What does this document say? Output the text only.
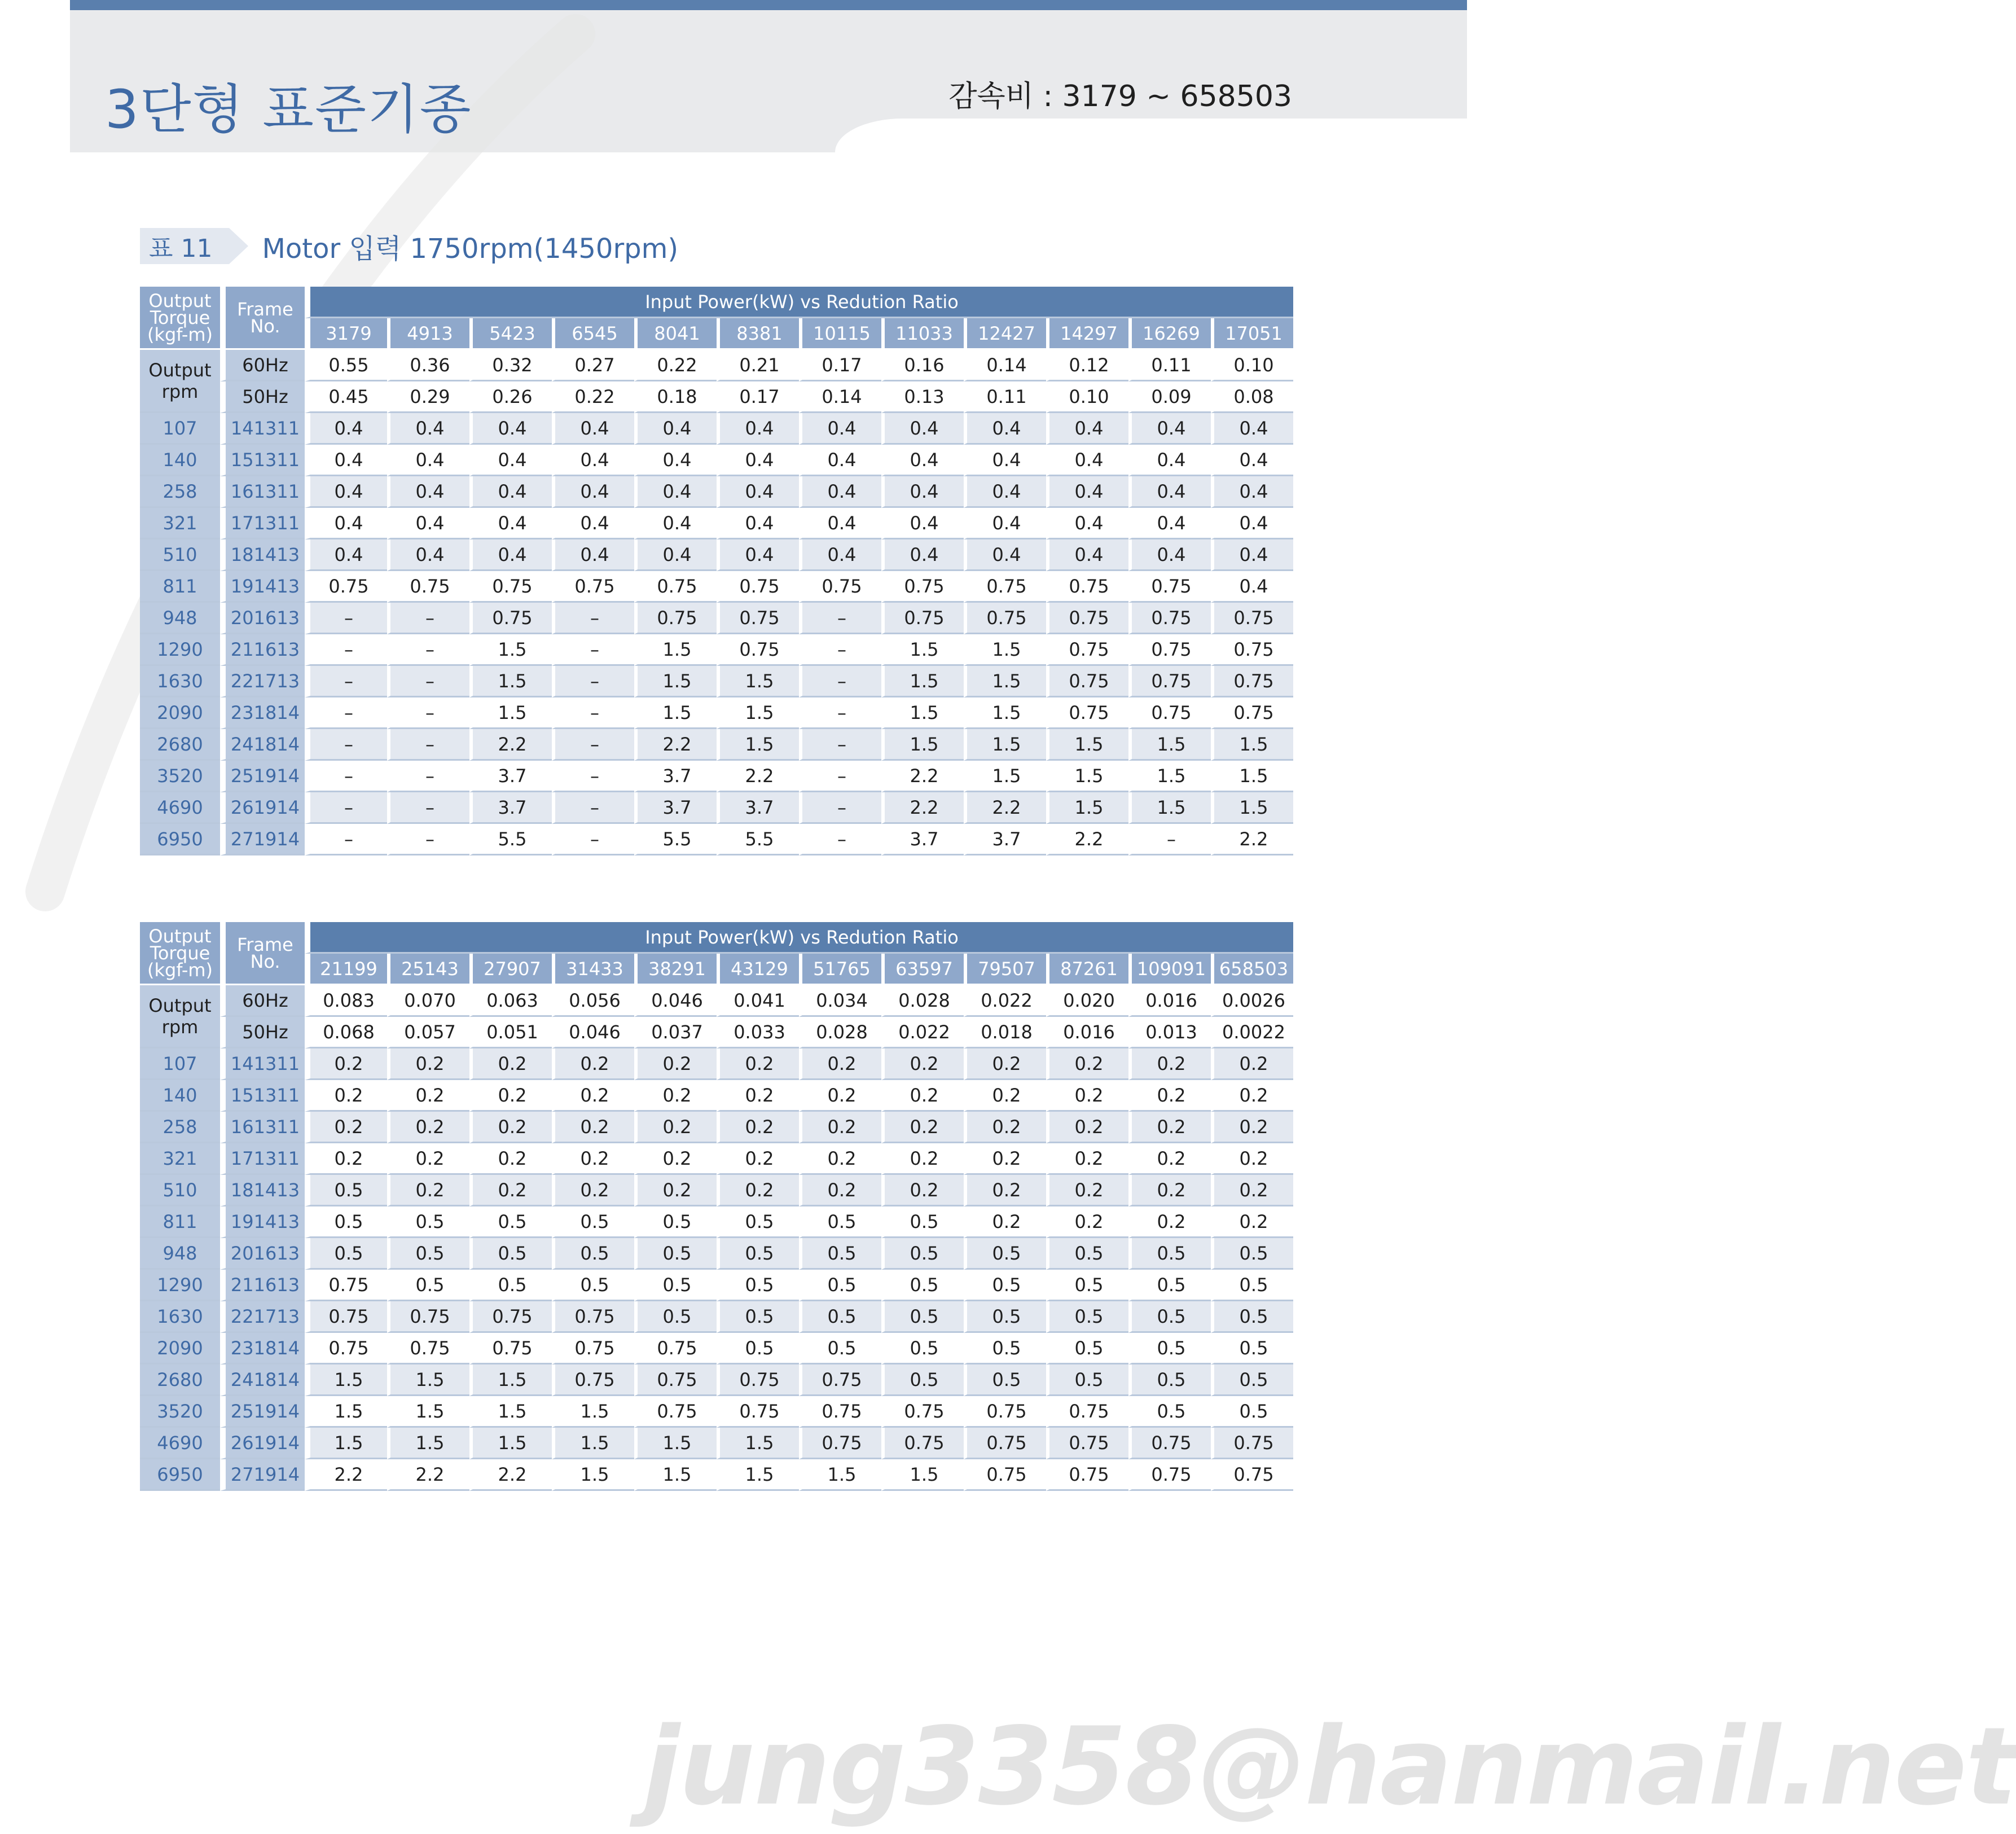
3단형 표준기종	감속비 : 3179 ~ 658503
표 11	Motor 입력 1750rpm(1450rpm)
Output Torque (kgf-m)	Frame No.	Input Power(kW) vs Redution Ratio											
		3179	4913	5423	6545	8041	8381	10115	11033	12427	14297	16269	17051
Output rpm	60Hz	0.55	0.36	0.32	0.27	0.22	0.21	0.17	0.16	0.14	0.12	0.11	0.10
	50Hz	0.45	0.29	0.26	0.22	0.18	0.17	0.14	0.13	0.11	0.10	0.09	0.08
107	141311	0.4	0.4	0.4	0.4	0.4	0.4	0.4	0.4	0.4	0.4	0.4	0.4
140	151311	0.4	0.4	0.4	0.4	0.4	0.4	0.4	0.4	0.4	0.4	0.4	0.4
258	161311	0.4	0.4	0.4	0.4	0.4	0.4	0.4	0.4	0.4	0.4	0.4	0.4
321	171311	0.4	0.4	0.4	0.4	0.4	0.4	0.4	0.4	0.4	0.4	0.4	0.4
510	181413	0.4	0.4	0.4	0.4	0.4	0.4	0.4	0.4	0.4	0.4	0.4	0.4
811	191413	0.75	0.75	0.75	0.75	0.75	0.75	0.75	0.75	0.75	0.75	0.75	0.4
948	201613	–	–	0.75	–	0.75	0.75	–	0.75	0.75	0.75	0.75	0.75
1290	211613	–	–	1.5	–	1.5	0.75	–	1.5	1.5	0.75	0.75	0.75
1630	221713	–	–	1.5	–	1.5	1.5	–	1.5	1.5	0.75	0.75	0.75
2090	231814	–	–	1.5	–	1.5	1.5	–	1.5	1.5	0.75	0.75	0.75
2680	241814	–	–	2.2	–	2.2	1.5	–	1.5	1.5	1.5	1.5	1.5
3520	251914	–	–	3.7	–	3.7	2.2	–	2.2	1.5	1.5	1.5	1.5
4690	261914	–	–	3.7	–	3.7	3.7	–	2.2	2.2	1.5	1.5	1.5
6950	271914	–	–	5.5	–	5.5	5.5	–	3.7	3.7	2.2	–	2.2
Output Torque (kgf-m)	Frame No.	Input Power(kW) vs Redution Ratio											
		21199	25143	27907	31433	38291	43129	51765	63597	79507	87261	109091	658503
Output rpm	60Hz	0.083	0.070	0.063	0.056	0.046	0.041	0.034	0.028	0.022	0.020	0.016	0.0026
	50Hz	0.068	0.057	0.051	0.046	0.037	0.033	0.028	0.022	0.018	0.016	0.013	0.0022
107	141311	0.2	0.2	0.2	0.2	0.2	0.2	0.2	0.2	0.2	0.2	0.2	0.2
140	151311	0.2	0.2	0.2	0.2	0.2	0.2	0.2	0.2	0.2	0.2	0.2	0.2
258	161311	0.2	0.2	0.2	0.2	0.2	0.2	0.2	0.2	0.2	0.2	0.2	0.2
321	171311	0.2	0.2	0.2	0.2	0.2	0.2	0.2	0.2	0.2	0.2	0.2	0.2
510	181413	0.5	0.2	0.2	0.2	0.2	0.2	0.2	0.2	0.2	0.2	0.2	0.2
811	191413	0.5	0.5	0.5	0.5	0.5	0.5	0.5	0.5	0.2	0.2	0.2	0.2
948	201613	0.5	0.5	0.5	0.5	0.5	0.5	0.5	0.5	0.5	0.5	0.5	0.5
1290	211613	0.75	0.5	0.5	0.5	0.5	0.5	0.5	0.5	0.5	0.5	0.5	0.5
1630	221713	0.75	0.75	0.75	0.75	0.5	0.5	0.5	0.5	0.5	0.5	0.5	0.5
2090	231814	0.75	0.75	0.75	0.75	0.75	0.5	0.5	0.5	0.5	0.5	0.5	0.5
2680	241814	1.5	1.5	1.5	0.75	0.75	0.75	0.75	0.5	0.5	0.5	0.5	0.5
3520	251914	1.5	1.5	1.5	1.5	0.75	0.75	0.75	0.75	0.75	0.75	0.5	0.5
4690	261914	1.5	1.5	1.5	1.5	1.5	1.5	0.75	0.75	0.75	0.75	0.75	0.75
6950	271914	2.2	2.2	2.2	1.5	1.5	1.5	1.5	1.5	0.75	0.75	0.75	0.75
jung3358@hanmail.net
